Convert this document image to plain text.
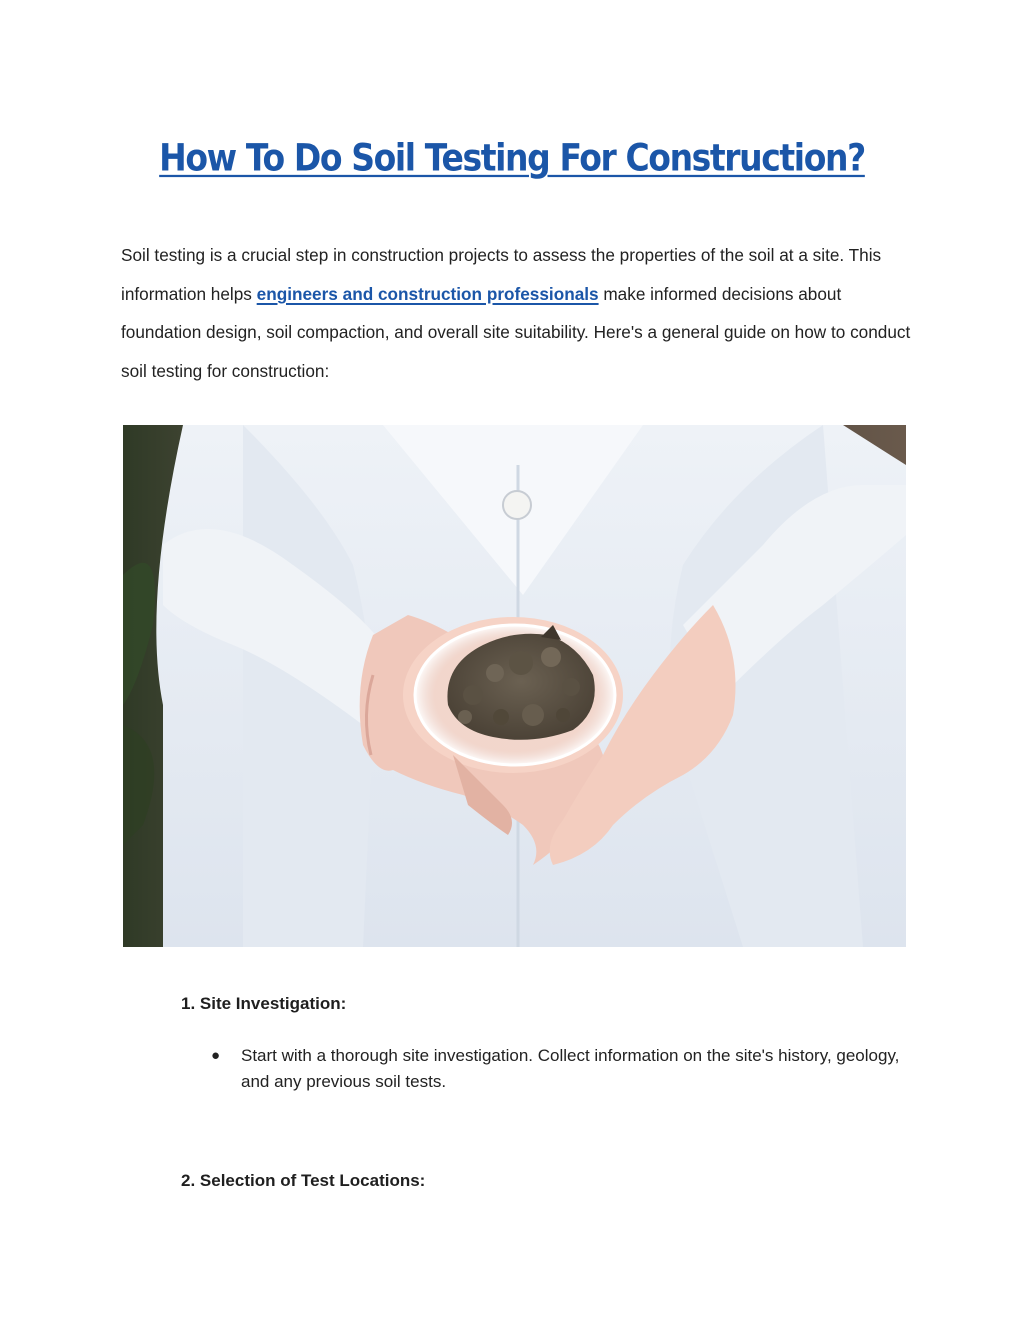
How To Do Soil Testing For Construction?

Soil testing is a crucial step in construction projects to assess the properties of the soil at a site. This information helps engineers and construction professionals make informed decisions about foundation design, soil compaction, and overall site suitability. Here's a general guide on how to conduct soil testing for construction:

1. Site Investigation:
● Start with a thorough site investigation. Collect information on the site's history, geology, and any previous soil tests.
2. Selection of Test Locations:
